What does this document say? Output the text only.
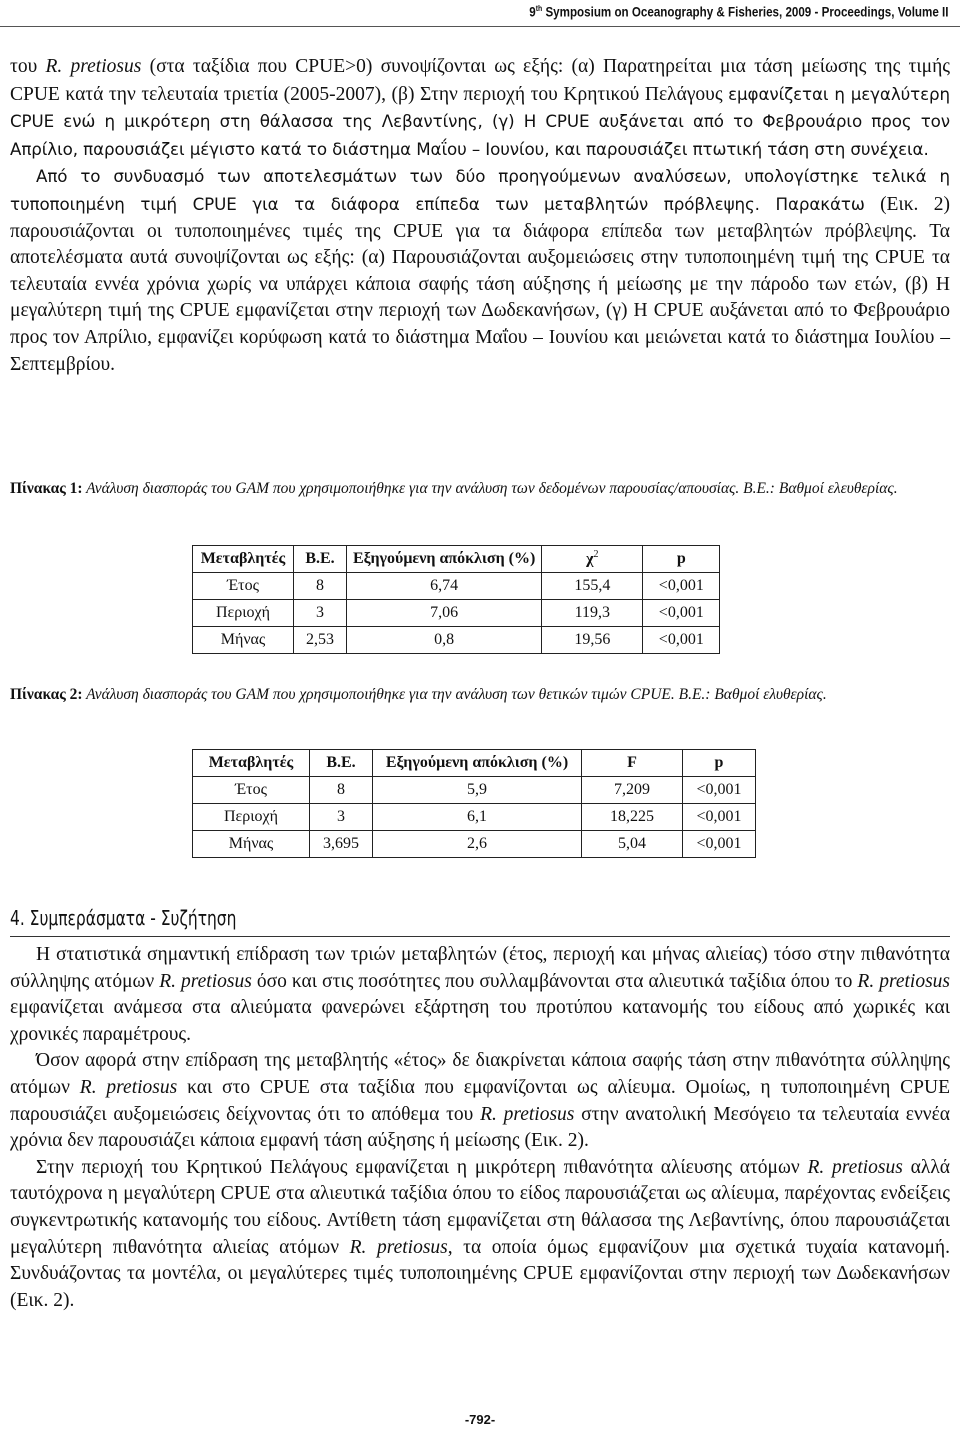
9th Symposium on Oceanography & Fisheries, 2009 - Proceedings, Volume II

του R. pretiosus (στα ταξίδια που CPUE>0) συνοψίζονται ως εξής: (α) Παρατηρείται μια τάση μείωσης της τιμής CPUE κατά την τελευταία τριετία (2005-2007), (β) Στην περιοχή του Κρητικού Πελάγους εμφανίζεται η μεγαλύτερη CPUE ενώ η μικρότερη στη θάλασσα της Λεβαντίνης, (γ) Η CPUE αυξάνεται από το Φεβρουάριο προς τον Απρίλιο, παρουσιάζει μέγιστο κατά το διάστημα Μαΐου – Ιουνίου, και παρουσιάζει πτωτική τάση στη συνέχεια.

Από το συνδυασμό των αποτελεσμάτων των δύο προηγούμενων αναλύσεων, υπολογίστηκε τελικά η τυποποιημένη τιμή CPUE για τα διάφορα επίπεδα των μεταβλητών πρόβλεψης. Παρακάτω (Εικ. 2) παρουσιάζονται οι τυποποιημένες τιμές της CPUE για τα διάφορα επίπεδα των μεταβλητών πρόβλεψης. Τα αποτελέσματα αυτά συνοψίζονται ως εξής: (α) Παρουσιάζονται αυξομειώσεις στην τυποποιημένη τιμή της CPUE τα τελευταία εννέα χρόνια χωρίς να υπάρχει κάποια σαφής τάση αύξησης ή μείωσης με την πάροδο των ετών, (β) Η μεγαλύτερη τιμή της CPUE εμφανίζεται στην περιοχή των Δωδεκανήσων, (γ) Η CPUE αυξάνεται από το Φεβρουάριο προς τον Απρίλιο, εμφανίζει κορύφωση κατά το διάστημα Μαΐου – Ιουνίου και μειώνεται κατά το διάστημα Ιουλίου – Σεπτεμβρίου.

Πίνακας 1: Ανάλυση διασποράς του GAM που χρησιμοποιήθηκε για την ανάλυση των δεδομένων παρουσίας/απουσίας. Β.Ε.: Βαθμοί ελευθερίας.
Μεταβλητές	Β.Ε.	Εξηγούμενη απόκλιση (%)	$\chi^2$	p
Έτος	8	6,74	155,4	<0,001
Περιοχή	3	7,06	119,3	<0,001
Μήνας	2,53	0,8	19,56	<0,001
Πίνακας 2: Ανάλυση διασποράς του GAM που χρησιμοποιήθηκε για την ανάλυση των θετικών τιμών CPUE. Β.Ε.: Βαθμοί ελυθερίας.
Μεταβλητές	Β.Ε.	Εξηγούμενη απόκλιση (%)	F	p
Έτος	8	5,9	7,209	<0,001
Περιοχή	3	6,1	18,225	<0,001
Μήνας	3,695	2,6	5,04	<0,001
4. Συμπεράσματα - Συζήτηση

Η στατιστικά σημαντική επίδραση των τριών μεταβλητών (έτος, περιοχή και μήνας αλιείας) τόσο στην πιθανότητα σύλληψης ατόμων R. pretiosus όσο και στις ποσότητες που συλλαμβάνονται στα αλιευτικά ταξίδια όπου το R. pretiosus εμφανίζεται ανάμεσα στα αλιεύματα φανερώνει εξάρτηση του προτύπου κατανομής του είδους από χωρικές και χρονικές παραμέτρους.

Όσον αφορά στην επίδραση της μεταβλητής «έτος» δε διακρίνεται κάποια σαφής τάση στην πιθανότητα σύλληψης ατόμων R. pretiosus και στο CPUE στα ταξίδια που εμφανίζονται ως αλίευμα. Ομοίως, η τυποποιημένη CPUE παρουσιάζει αυξομειώσεις δείχνοντας ότι το απόθεμα του R. pretiosus στην ανατολική Μεσόγειο τα τελευταία εννέα χρόνια δεν παρουσιάζει κάποια εμφανή τάση αύξησης ή μείωσης (Εικ. 2).

Στην περιοχή του Κρητικού Πελάγους εμφανίζεται η μικρότερη πιθανότητα αλίευσης ατόμων R. pretiosus αλλά ταυτόχρονα η μεγαλύτερη CPUE στα αλιευτικά ταξίδια όπου το είδος παρουσιάζεται ως αλίευμα, παρέχοντας ενδείξεις συγκεντρωτικής κατανομής του είδους. Αντίθετη τάση εμφανίζεται στη θάλασσα της Λεβαντίνης, όπου παρουσιάζεται μεγαλύτερη πιθανότητα αλιείας ατόμων R. pretiosus, τα οποία όμως εμφανίζουν μια σχετικά τυχαία κατανομή. Συνδυάζοντας τα μοντέλα, οι μεγαλύτερες τιμές τυποποιημένης CPUE εμφανίζονται στην περιοχή των Δωδεκανήσων (Εικ. 2).

-792-
